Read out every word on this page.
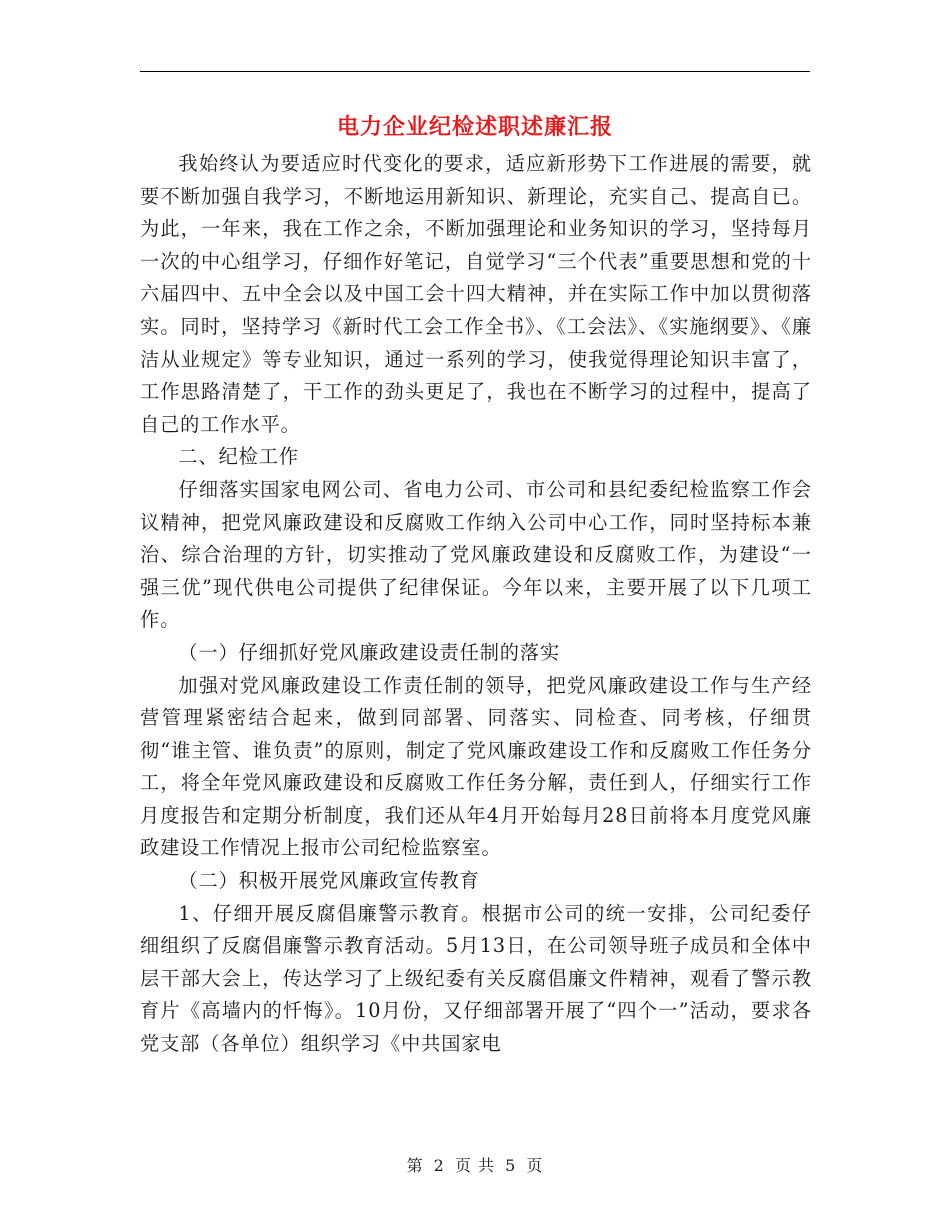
电力企业纪检述职述廉汇报

我始终认为要适应时代变化的要求，适应新形势下工作进展的需要，就要不断加强自我学习，不断地运用新知识、新理论，充实自己、提高自已。为此，一年来，我在工作之余，不断加强理论和业务知识的学习，坚持每月一次的中心组学习，仔细作好笔记，自觉学习“三个代表”重要思想和党的十六届四中、五中全会以及中国工会十四大精神，并在实际工作中加以贯彻落实。同时，坚持学习《新时代工会工作全书》、《工会法》、《实施纲要》、《廉洁从业规定》等专业知识，通过一系列的学习，使我觉得理论知识丰富了，工作思路清楚了，干工作的劲头更足了，我也在不断学习的过程中，提高了自己的工作水平。

二、纪检工作

仔细落实国家电网公司、省电力公司、市公司和县纪委纪检监察工作会议精神，把党风廉政建设和反腐败工作纳入公司中心工作，同时坚持标本兼治、综合治理的方针，切实推动了党风廉政建设和反腐败工作，为建设“一强三优”现代供电公司提供了纪律保证。今年以来，主要开展了以下几项工作。

（一）仔细抓好党风廉政建设责任制的落实

加强对党风廉政建设工作责任制的领导，把党风廉政建设工作与生产经营管理紧密结合起来，做到同部署、同落实、同检查、同考核，仔细贯彻“谁主管、谁负责”的原则，制定了党风廉政建设工作和反腐败工作任务分工，将全年党风廉政建设和反腐败工作任务分解，责任到人，仔细实行工作月度报告和定期分析制度，我们还从年4月开始每月28日前将本月度党风廉政建设工作情况上报市公司纪检监察室。

（二）积极开展党风廉政宣传教育

1、仔细开展反腐倡廉警示教育。根据市公司的统一安排，公司纪委仔细组织了反腐倡廉警示教育活动。5月13日，在公司领导班子成员和全体中层干部大会上，传达学习了上级纪委有关反腐倡廉文件精神，观看了警示教育片《高墙内的忏悔》。10月份，又仔细部署开展了“四个一”活动，要求各党支部（各单位）组织学习《中共国家电

第 2 页 共 5 页
